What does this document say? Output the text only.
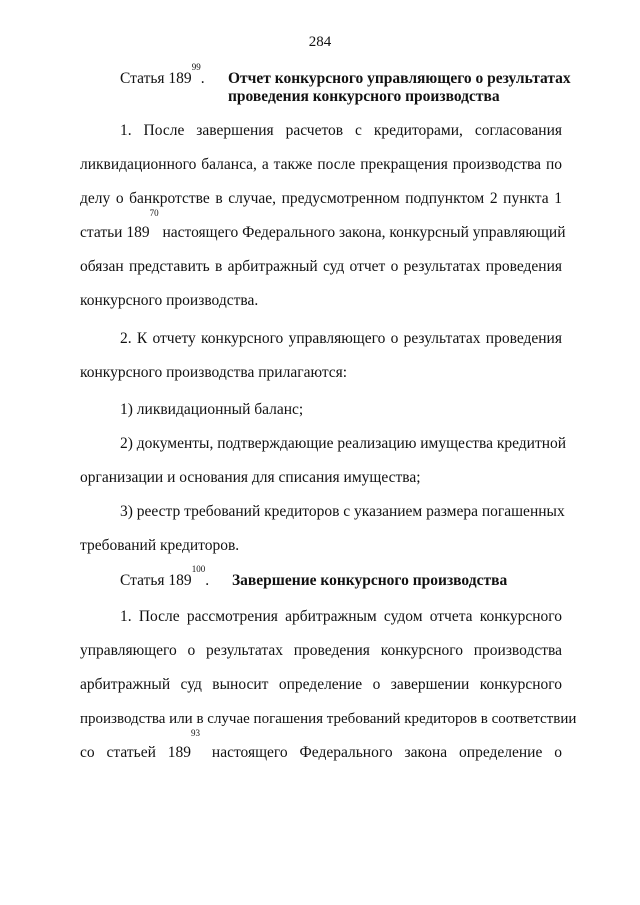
284
Статья $189^{99}$. Отчет конкурсного управляющего о результатах
проведения конкурсного производства
1. После завершения расчетов с кредиторами, согласования
ликвидационного баланса, а также после прекращения производства по
делу о банкротстве в случае, предусмотренном подпунктом 2 пункта 1
статьи $189^{70}$ настоящего Федерального закона, конкурсный управляющий
обязан представить в арбитражный суд отчет о результатах проведения
конкурсного производства.
2. К отчету конкурсного управляющего о результатах проведения
конкурсного производства прилагаются:
1) ликвидационный баланс;
2) документы, подтверждающие реализацию имущества кредитной
организации и основания для списания имущества;
3) реестр требований кредиторов с указанием размера погашенных
требований кредиторов.
Статья $189^{100}$. Завершение конкурсного производства
1. После рассмотрения арбитражным судом отчета конкурсного
управляющего о результатах проведения конкурсного производства
арбитражный суд выносит определение о завершении конкурсного
производства или в случае погашения требований кредиторов в соответствии
со статьей $189^{93}$ настоящего Федерального закона определение о
